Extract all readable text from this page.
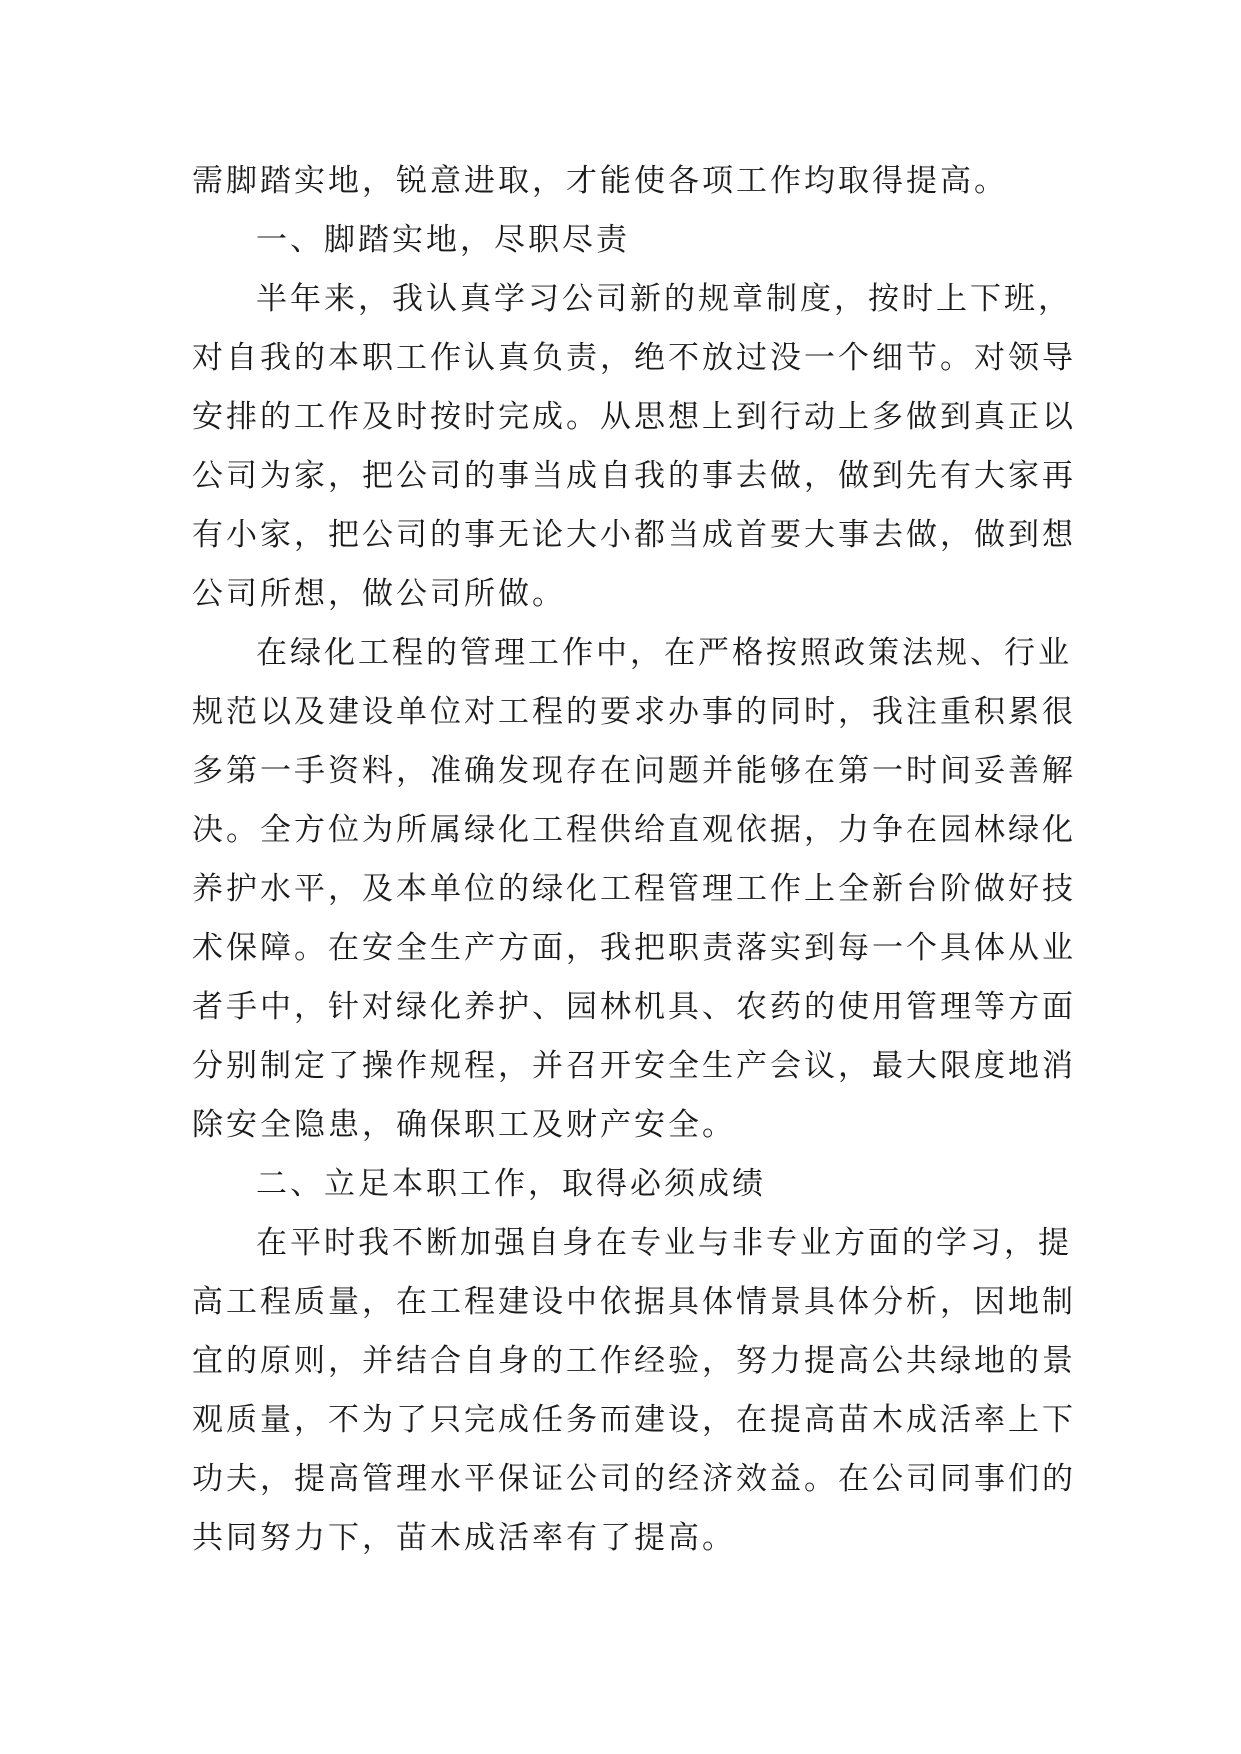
需脚踏实地，锐意进取，才能使各项工作均取得提高。
一、脚踏实地，尽职尽责
半年来，我认真学习公司新的规章制度，按时上下班，
对自我的本职工作认真负责，绝不放过没一个细节。对领导
安排的工作及时按时完成。从思想上到行动上多做到真正以
公司为家，把公司的事当成自我的事去做，做到先有大家再
有小家，把公司的事无论大小都当成首要大事去做，做到想
公司所想，做公司所做。
在绿化工程的管理工作中，在严格按照政策法规、行业
规范以及建设单位对工程的要求办事的同时，我注重积累很
多第一手资料，准确发现存在问题并能够在第一时间妥善解
决。全方位为所属绿化工程供给直观依据，力争在园林绿化
养护水平，及本单位的绿化工程管理工作上全新台阶做好技
术保障。在安全生产方面，我把职责落实到每一个具体从业
者手中，针对绿化养护、园林机具、农药的使用管理等方面
分别制定了操作规程，并召开安全生产会议，最大限度地消
除安全隐患，确保职工及财产安全。
二、立足本职工作，取得必须成绩
在平时我不断加强自身在专业与非专业方面的学习，提
高工程质量，在工程建设中依据具体情景具体分析，因地制
宜的原则，并结合自身的工作经验，努力提高公共绿地的景
观质量，不为了只完成任务而建设，在提高苗木成活率上下
功夫，提高管理水平保证公司的经济效益。在公司同事们的
共同努力下，苗木成活率有了提高。
